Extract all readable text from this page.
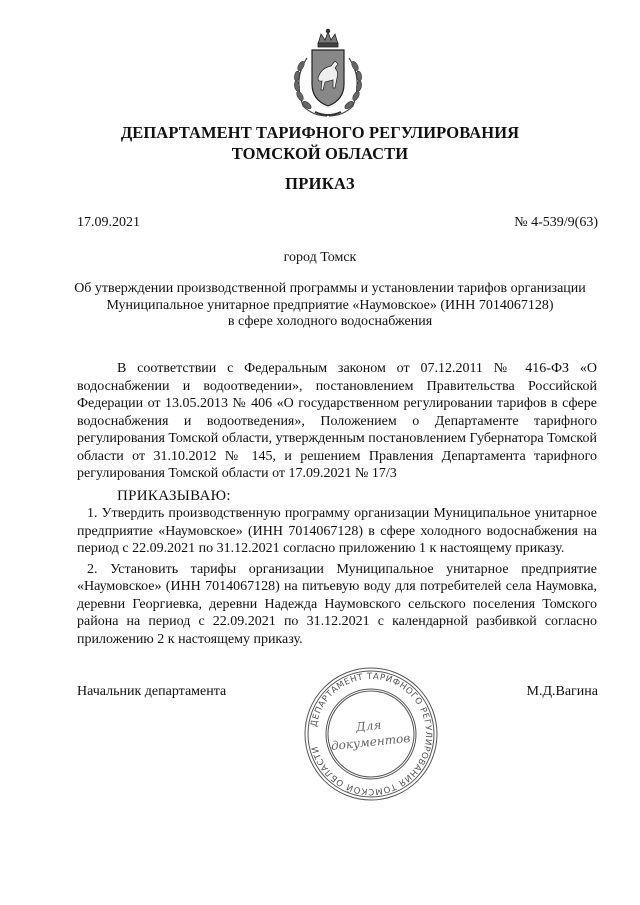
ДЕПАРТАМЕНТ ТАРИФНОГО РЕГУЛИРОВАНИЯ
ТОМСКОЙ ОБЛАСТИ
ПРИКАЗ
17.09.2021	№ 4-539/9(63)
город Томск
Об утверждении производственной программы и установлении тарифов организации
Муниципальное унитарное предприятие «Наумовское» (ИНН 7014067128)
в сфере холодного водоснабжения

В соответствии с Федеральным законом от 07.12.2011 № 416-ФЗ «О водоснабжении и водоотведении», постановлением Правительства Российской Федерации от 13.05.2013 № 406 «О государственном регулировании тарифов в сфере водоснабжения и водоотведения», Положением о Департаменте тарифного регулирования Томской области, утвержденным постановлением Губернатора Томской области от 31.10.2012 № 145, и решением Правления Департамента тарифного регулирования Томской области от 17.09.2021 № 17/3

ПРИКАЗЫВАЮ:

1. Утвердить производственную программу организации Муниципальное унитарное предприятие «Наумовское» (ИНН 7014067128) в сфере холодного водоснабжения на период с 22.09.2021 по 31.12.2021 согласно приложению 1 к настоящему приказу.

2. Установить тарифы организации Муниципальное унитарное предприятие «Наумовское» (ИНН 7014067128) на питьевую воду для потребителей села Наумовка, деревни Георгиевка, деревни Надежда Наумовского сельского поселения Томского района на период с 22.09.2021 по 31.12.2021 с календарной разбивкой согласно приложению 2 к настоящему приказу.

Начальник департамента	М.Д.Вагина
ДЕПАРТАМЕНТ ТАРИФНОГО РЕГУЛИРОВАНИЯ ТОМСКОЙ ОБЛАСТИ
Для
документов
